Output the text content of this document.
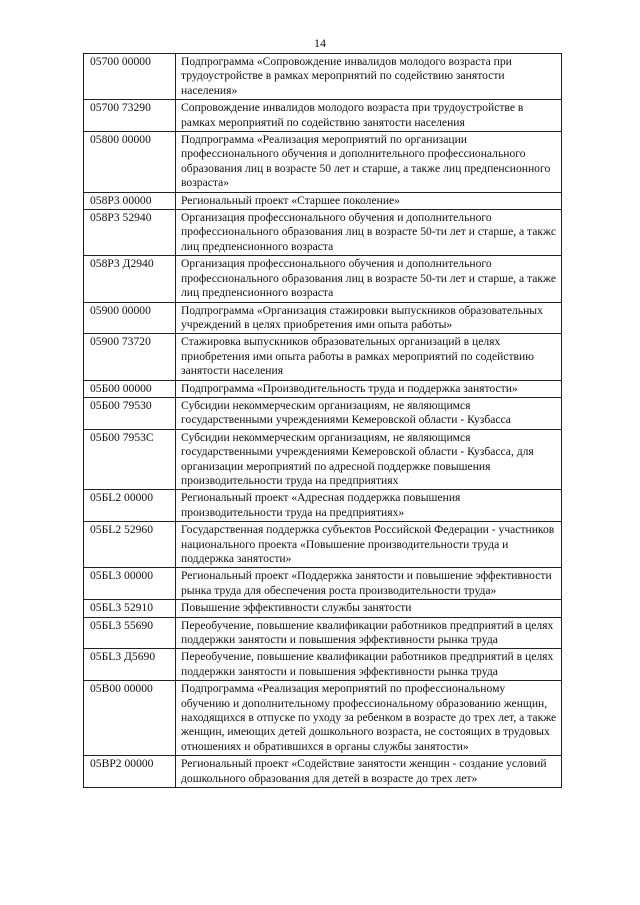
14
05700 00000	Подпрограмма «Сопровождение инвалидов молодого возраста при трудоустройстве в рамках мероприятий по содействию занятости населения»
05700 73290	Сопровождение инвалидов молодого возраста при трудоустройстве в рамках мероприятий по содействию занятости населения
05800 00000	Подпрограмма «Реализация мероприятий по организации профессионального обучения и дополнительного профессионального образования лиц в возрасте 50 лет и старше, а также лиц предпенсионного возраста»
058Р3 00000	Региональный проект «Старшее поколение»
058Р3 52940	Организация профессионального обучения и дополнительного профессионального образования лиц в возрасте 50-ти лет и старше, а такжс лиц предпенсионного возраста
058Р3 Д2940	Организация профессионального обучения и дополнительного профессионального образования лиц в возрасте 50-ти лет и старше, а также лиц предпенсионного возраста
05900 00000	Подпрограмма «Организация стажировки выпускников образовательных учреждений в целях приобретения ими опыта работы»
05900 73720	Стажировка выпускников образовательных организаций в целях приобретения ими опыта работы в рамках мероприятий по содействию занятости населения
05Б00 00000	Подпрограмма «Производительность труда и поддержка занятости»
05Б00 79530	Субсидии некоммерческим организациям, не являющимся государственными учреждениями Кемеровской области - Кузбасса
05Б00 7953С	Субсидии некоммерческим организациям, не являющимся государственными учреждениями Кемеровской области - Кузбасса, для организации мероприятий по адресной поддержке повышения производительности труда на предприятиях
05БL2 00000	Региональный проект «Адресная поддержка повышения производительности труда на предприятиях»
05БL2 52960	Государственная поддержка субъектов Российской Федерации - участников национального проекта «Повышение производительности труда и поддержка занятости»
05БL3 00000	Региональный проект «Поддержка занятости и повышение эффективности рынка труда для обеспечения роста производительности труда»
05БL3 52910	Повышение эффективности службы занятости
05БL3 55690	Переобучение, повышение квалификации работников предприятий в целях поддержки занятости и повышения эффективности рынка труда
05БL3 Д5690	Переобучение, повышение квалификации работников предприятий в целях поддержки занятости и повышения эффективности рынка труда
05В00 00000	Подпрограмма «Реализация мероприятий по профессиональному обучению и дополнительному профессиональному образованию женщин, находящихся в отпуске по уходу за ребенком в возрасте до трех лет, а также женщин, имеющих детей дошкольного возраста, не состоящих в трудовых отношениях и обратившихся в органы службы занятости»
05ВР2 00000	Региональный проект «Содействие занятости женщин - создание условий дошкольного образования для детей в возрасте до трех лет»
